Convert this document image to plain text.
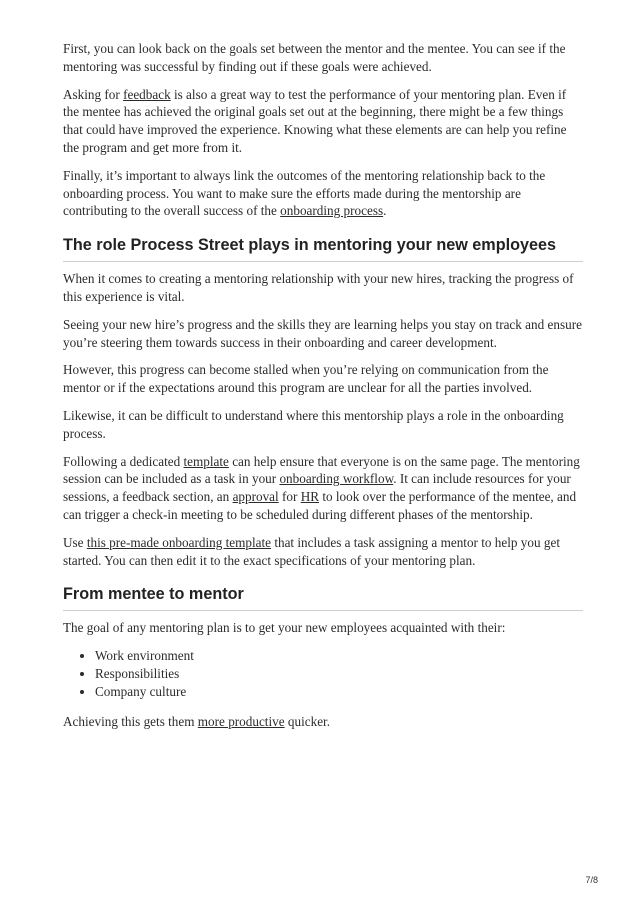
First, you can look back on the goals set between the mentor and the mentee. You can see if the mentoring was successful by finding out if these goals were achieved.

Asking for feedback is also a great way to test the performance of your mentoring plan. Even if the mentee has achieved the original goals set out at the beginning, there might be a few things that could have improved the experience. Knowing what these elements are can help you refine the program and get more from it.

Finally, it’s important to always link the outcomes of the mentoring relationship back to the onboarding process. You want to make sure the efforts made during the mentorship are contributing to the overall success of the onboarding process.

The role Process Street plays in mentoring your new employees

When it comes to creating a mentoring relationship with your new hires, tracking the progress of this experience is vital.

Seeing your new hire’s progress and the skills they are learning helps you stay on track and ensure you’re steering them towards success in their onboarding and career development.

However, this progress can become stalled when you’re relying on communication from the mentor or if the expectations around this program are unclear for all the parties involved.

Likewise, it can be difficult to understand where this mentorship plays a role in the onboarding process.

Following a dedicated template can help ensure that everyone is on the same page. The mentoring session can be included as a task in your onboarding workflow. It can include resources for your sessions, a feedback section, an approval for HR to look over the performance of the mentee, and can trigger a check-in meeting to be scheduled during different phases of the mentorship.

Use this pre-made onboarding template that includes a task assigning a mentor to help you get started. You can then edit it to the exact specifications of your mentoring plan.

From mentee to mentor

The goal of any mentoring plan is to get your new employees acquainted with their:

• Work environment
• Responsibilities
• Company culture

Achieving this gets them more productive quicker.

7/8
